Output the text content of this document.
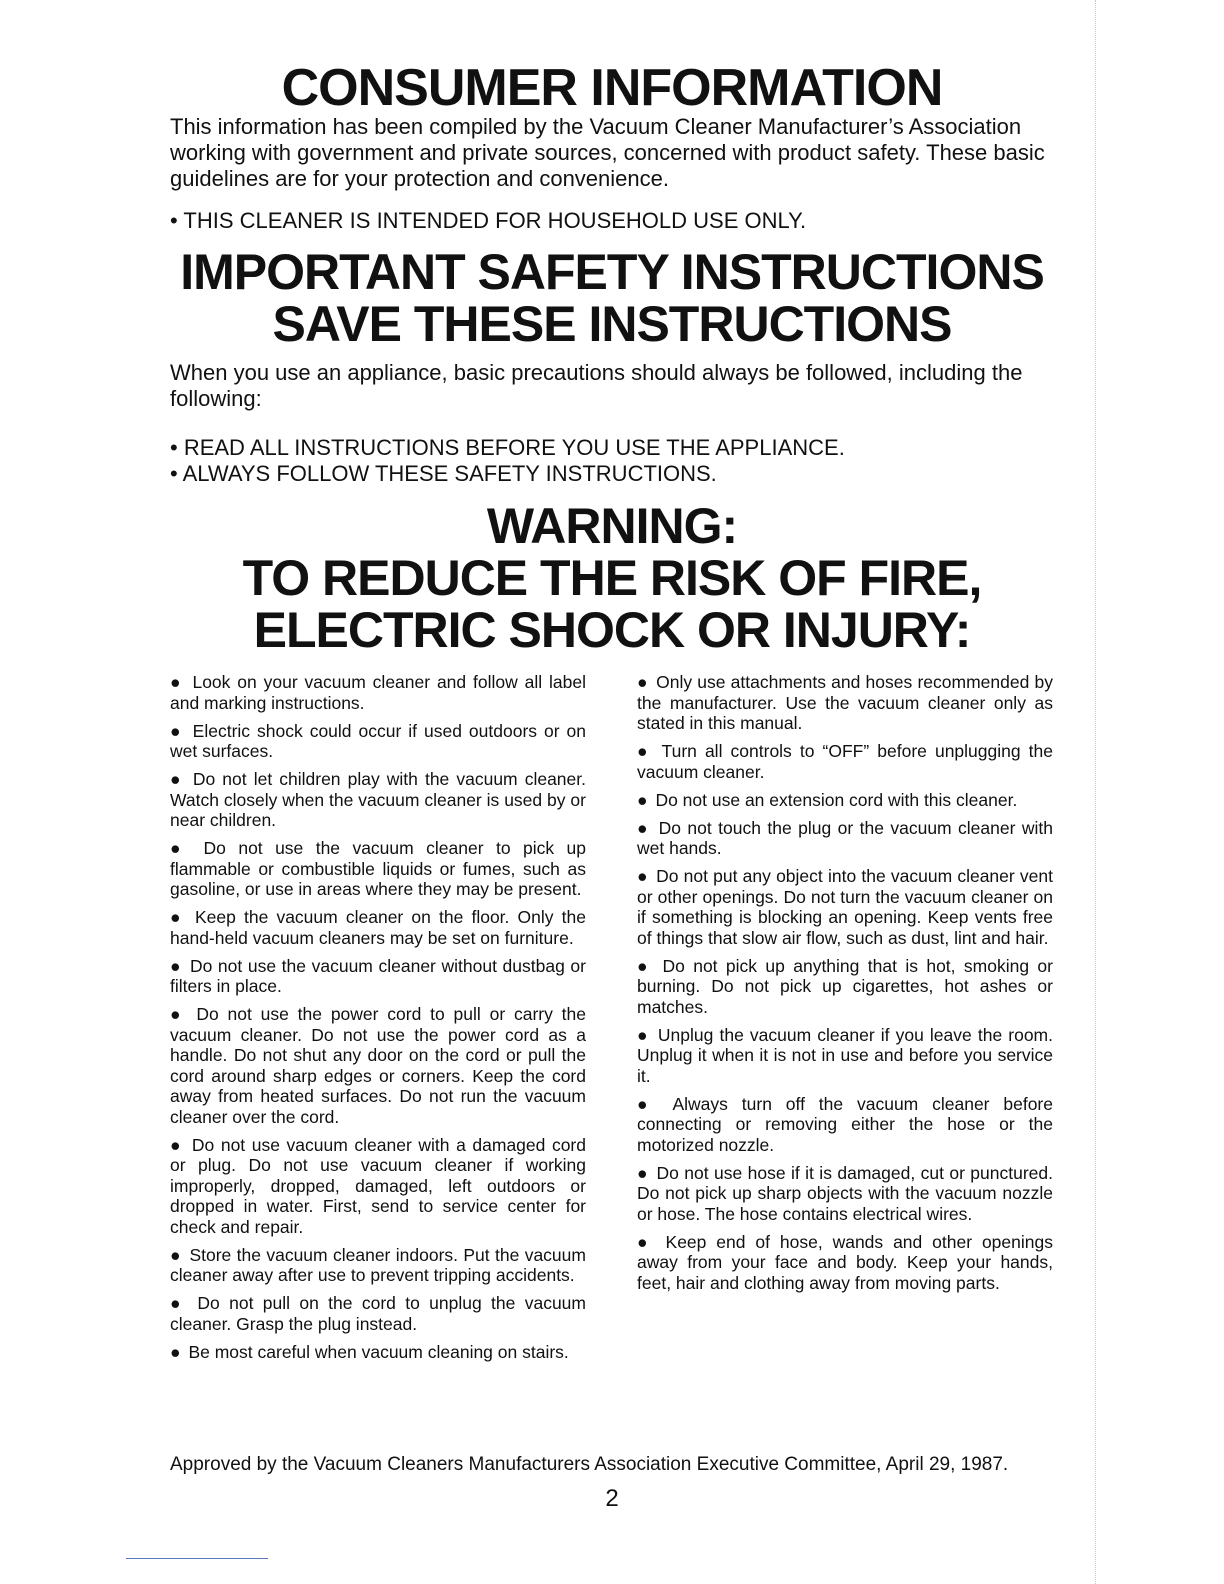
CONSUMER INFORMATION

This information has been compiled by the Vacuum Cleaner Manufacturer’s Association working with government and private sources, concerned with product safety. These basic guidelines are for your protection and convenience.

• THIS CLEANER IS INTENDED FOR HOUSEHOLD USE ONLY.

IMPORTANT SAFETY INSTRUCTIONS
SAVE THESE INSTRUCTIONS

When you use an appliance, basic precautions should always be followed, including the following:

• READ ALL INSTRUCTIONS BEFORE YOU USE THE APPLIANCE.

• ALWAYS FOLLOW THESE SAFETY INSTRUCTIONS.

WARNING:
TO REDUCE THE RISK OF FIRE,
ELECTRIC SHOCK OR INJURY:

● Look on your vacuum cleaner and follow all label and marking instructions.

● Electric shock could occur if used outdoors or on wet surfaces.

● Do not let children play with the vacuum cleaner. Watch closely when the vacuum cleaner is used by or near children.

● Do not use the vacuum cleaner to pick up flammable or combustible liquids or fumes, such as gasoline, or use in areas where they may be present.

● Keep the vacuum cleaner on the floor. Only the hand-held vacuum cleaners may be set on furniture.

● Do not use the vacuum cleaner without dustbag or filters in place.

● Do not use the power cord to pull or carry the vacuum cleaner. Do not use the power cord as a handle. Do not shut any door on the cord or pull the cord around sharp edges or corners. Keep the cord away from heated surfaces. Do not run the vacuum cleaner over the cord.

● Do not use vacuum cleaner with a damaged cord or plug. Do not use vacuum cleaner if working improperly, dropped, damaged, left outdoors or dropped in water. First, send to service center for check and repair.

● Store the vacuum cleaner indoors. Put the vacuum cleaner away after use to prevent tripping accidents.

● Do not pull on the cord to unplug the vacuum cleaner. Grasp the plug instead.

● Be most careful when vacuum cleaning on stairs.

● Only use attachments and hoses recommended by the manufacturer. Use the vacuum cleaner only as stated in this manual.

● Turn all controls to “OFF” before unplugging the vacuum cleaner.

● Do not use an extension cord with this cleaner.

● Do not touch the plug or the vacuum cleaner with wet hands.

● Do not put any object into the vacuum cleaner vent or other openings. Do not turn the vacuum cleaner on if something is blocking an opening. Keep vents free of things that slow air flow, such as dust, lint and hair.

● Do not pick up anything that is hot, smoking or burning. Do not pick up cigarettes, hot ashes or matches.

● Unplug the vacuum cleaner if you leave the room. Unplug it when it is not in use and before you service it.

● Always turn off the vacuum cleaner before connecting or removing either the hose or the motorized nozzle.

● Do not use hose if it is damaged, cut or punctured. Do not pick up sharp objects with the vacuum nozzle or hose. The hose contains electrical wires.

● Keep end of hose, wands and other openings away from your face and body. Keep your hands, feet, hair and clothing away from moving parts.

Approved by the Vacuum Cleaners Manufacturers Association Executive Committee, April 29, 1987.

2
